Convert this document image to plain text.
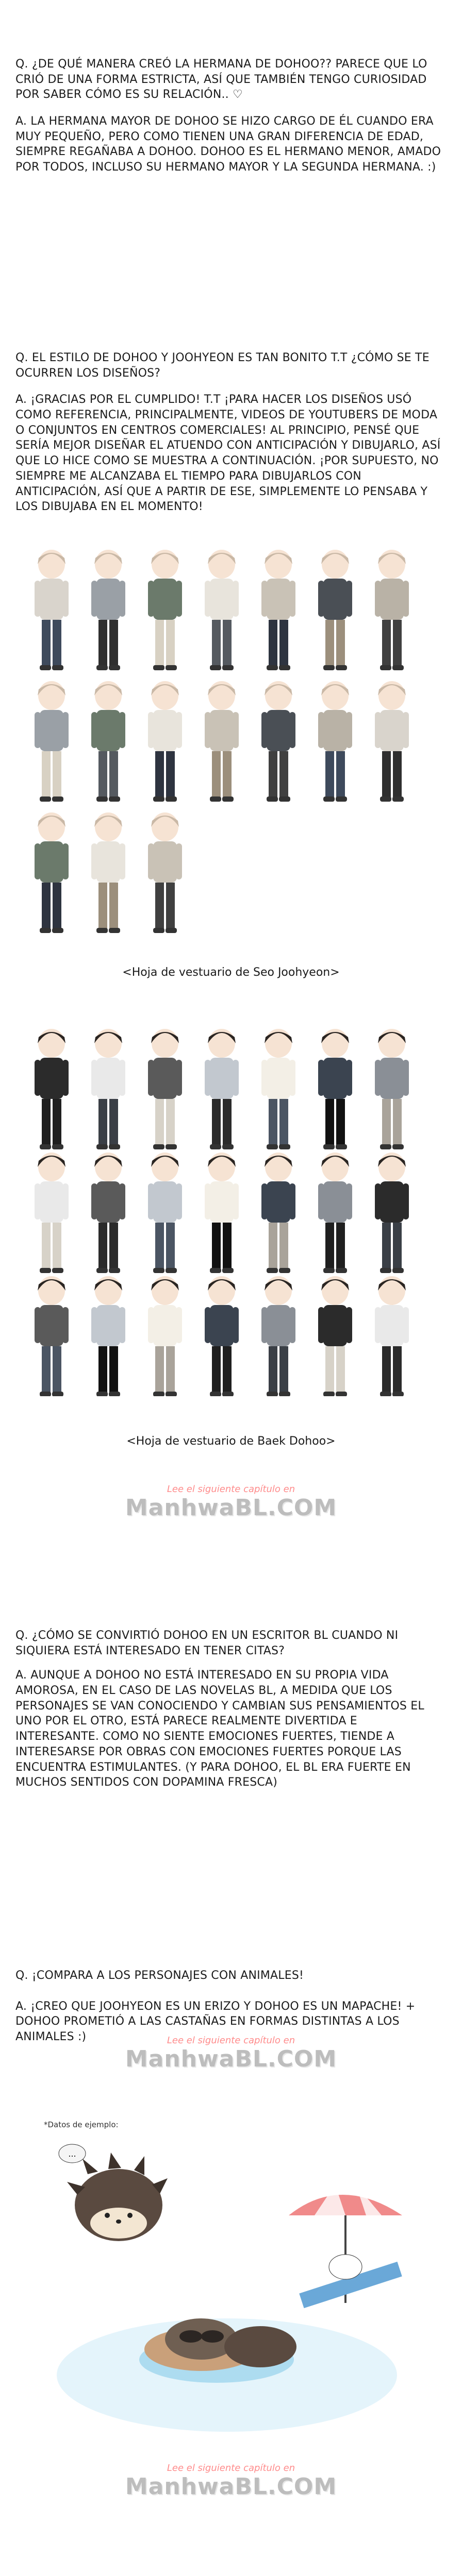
Q. ¿DE QUÉ MANERA CREÓ LA HERMANA DE DOHOO?? PARECE QUE LO CRIÓ DE UNA FORMA ESTRICTA, ASÍ QUE TAMBIÉN TENGO CURIOSIDAD POR SABER CÓMO ES SU RELACIÓN.. ♡

A. LA HERMANA MAYOR DE DOHOO SE HIZO CARGO DE ÉL CUANDO ERA MUY PEQUEÑO, PERO COMO TIENEN UNA GRAN DIFERENCIA DE EDAD, SIEMPRE REGAÑABA A DOHOO. DOHOO ES EL HERMANO MENOR, AMADO POR TODOS, INCLUSO SU HERMANO MAYOR Y LA SEGUNDA HERMANA. :)

Q. EL ESTILO DE DOHOO Y JOOHYEON ES TAN BONITO T.T ¿CÓMO SE TE OCURREN LOS DISEÑOS?

A. ¡GRACIAS POR EL CUMPLIDO! T.T ¡PARA HACER LOS DISEÑOS USÓ COMO REFERENCIA, PRINCIPALMENTE, VIDEOS DE YOUTUBERS DE MODA O CONJUNTOS EN CENTROS COMERCIALES! AL PRINCIPIO, PENSÉ QUE SERÍA MEJOR DISEÑAR EL ATUENDO CON ANTICIPACIÓN Y DIBUJARLO, ASÍ QUE LO HICE COMO SE MUESTRA A CONTINUACIÓN. ¡POR SUPUESTO, NO SIEMPRE ME ALCANZABA EL TIEMPO PARA DIBUJARLOS CON ANTICIPACIÓN, ASÍ QUE A PARTIR DE ESE, SIMPLEMENTE LO PENSABA Y LOS DIBUJABA EN EL MOMENTO!

<Hoja de vestuario de Seo Joohyeon>
<Hoja de vestuario de Baek Dohoo>
Lee el siguiente capítulo en
ManhwaBL.COM

Q. ¿CÓMO SE CONVIRTIÓ DOHOO EN UN ESCRITOR BL CUANDO NI SIQUIERA ESTÁ INTERESADO EN TENER CITAS?

A. AUNQUE A DOHOO NO ESTÁ INTERESADO EN SU PROPIA VIDA AMOROSA, EN EL CASO DE LAS NOVELAS BL, A MEDIDA QUE LOS PERSONAJES SE VAN CONOCIENDO Y CAMBIAN SUS PENSAMIENTOS EL UNO POR EL OTRO, ESTÁ PARECE REALMENTE DIVERTIDA E INTERESANTE. COMO NO SIENTE EMOCIONES FUERTES, TIENDE A INTERESARSE POR OBRAS CON EMOCIONES FUERTES PORQUE LAS ENCUENTRA ESTIMULANTES. (Y PARA DOHOO, EL BL ERA FUERTE EN MUCHOS SENTIDOS CON DOPAMINA FRESCA)

Q. ¡COMPARA A LOS PERSONAJES CON ANIMALES!

A. ¡CREO QUE JOOHYEON ES UN ERIZO Y DOHOO ES UN MAPACHE! + DOHOO PROMETIÓ A LAS CASTAÑAS EN FORMAS DISTINTAS A LOS ANIMALES :)	Lee el siguiente capítulo en
ManhwaBL.COM
*Datos de ejemplo:
...
Lee el siguiente capítulo en
ManhwaBL.COM
